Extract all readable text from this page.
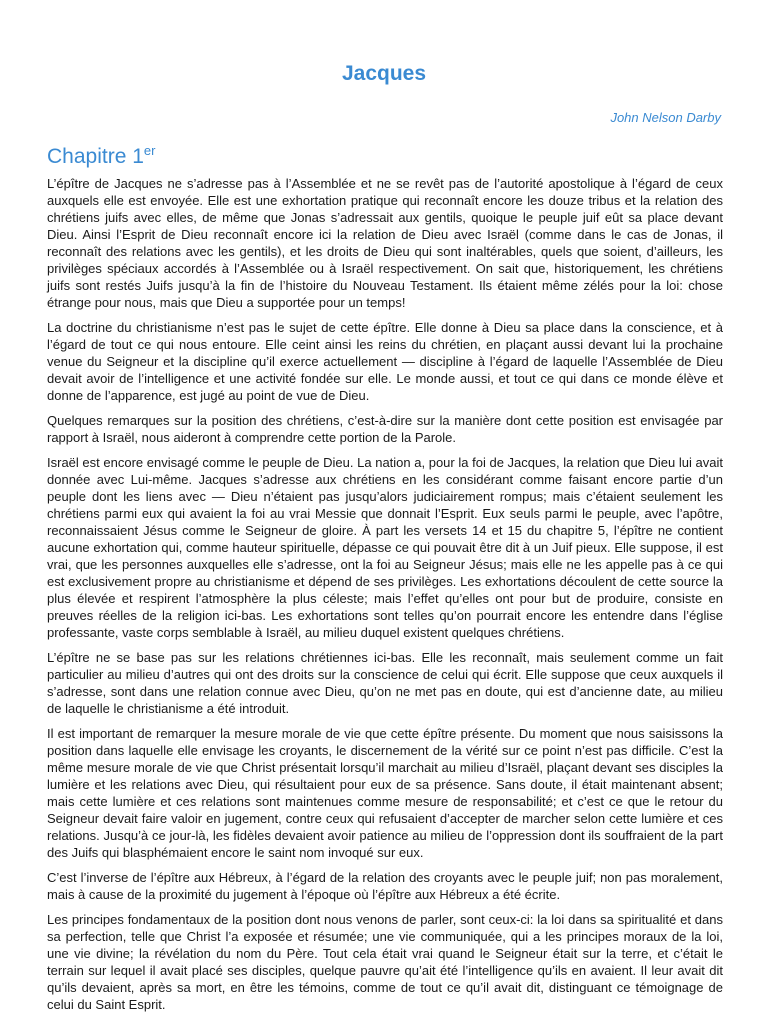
Jacques

John Nelson Darby

Chapitre 1er

L’épître de Jacques ne s’adresse pas à l’Assemblée et ne se revêt pas de l’autorité apostolique à l’égard de ceux auxquels elle est envoyée. Elle est une exhortation pratique qui reconnaît encore les douze tribus et la relation des chrétiens juifs avec elles, de même que Jonas s’adressait aux gentils, quoique le peuple juif eût sa place devant Dieu. Ainsi l’Esprit de Dieu reconnaît encore ici la relation de Dieu avec Israël (comme dans le cas de Jonas, il reconnaît des relations avec les gentils), et les droits de Dieu qui sont inaltérables, quels que soient, d’ailleurs, les privilèges spéciaux accordés à l’Assemblée ou à Israël respectivement. On sait que, historiquement, les chrétiens juifs sont restés Juifs jusqu’à la fin de l’histoire du Nouveau Testament. Ils étaient même zélés pour la loi: chose étrange pour nous, mais que Dieu a supportée pour un temps!

La doctrine du christianisme n’est pas le sujet de cette épître. Elle donne à Dieu sa place dans la conscience, et à l’égard de tout ce qui nous entoure. Elle ceint ainsi les reins du chrétien, en plaçant aussi devant lui la prochaine venue du Seigneur et la discipline qu’il exerce actuellement — discipline à l’égard de laquelle l’Assemblée de Dieu devait avoir de l’intelligence et une activité fondée sur elle. Le monde aussi, et tout ce qui dans ce monde élève et donne de l’apparence, est jugé au point de vue de Dieu.

Quelques remarques sur la position des chrétiens, c’est-à-dire sur la manière dont cette position est envisagée par rapport à Israël, nous aideront à comprendre cette portion de la Parole.

Israël est encore envisagé comme le peuple de Dieu. La nation a, pour la foi de Jacques, la relation que Dieu lui avait donnée avec Lui-même. Jacques s’adresse aux chrétiens en les considérant comme faisant encore partie d’un peuple dont les liens avec — Dieu n’étaient pas jusqu’alors judiciairement rompus; mais c’étaient seulement les chrétiens parmi eux qui avaient la foi au vrai Messie que donnait l’Esprit. Eux seuls parmi le peuple, avec l’apôtre, reconnaissaient Jésus comme le Seigneur de gloire. À part les versets 14 et 15 du chapitre 5, l’épître ne contient aucune exhortation qui, comme hauteur spirituelle, dépasse ce qui pouvait être dit à un Juif pieux. Elle suppose, il est vrai, que les personnes auxquelles elle s’adresse, ont la foi au Seigneur Jésus; mais elle ne les appelle pas à ce qui est exclusivement propre au christianisme et dépend de ses privilèges. Les exhortations découlent de cette source la plus élevée et respirent l’atmosphère la plus céleste; mais l’effet qu’elles ont pour but de produire, consiste en preuves réelles de la religion ici-bas. Les exhortations sont telles qu’on pourrait encore les entendre dans l’église professante, vaste corps semblable à Israël, au milieu duquel existent quelques chrétiens.

L’épître ne se base pas sur les relations chrétiennes ici-bas. Elle les reconnaît, mais seulement comme un fait particulier au milieu d’autres qui ont des droits sur la conscience de celui qui écrit. Elle suppose que ceux auxquels il s’adresse, sont dans une relation connue avec Dieu, qu’on ne met pas en doute, qui est d’ancienne date, au milieu de laquelle le christianisme a été introduit.

Il est important de remarquer la mesure morale de vie que cette épître présente. Du moment que nous saisissons la position dans laquelle elle envisage les croyants, le discernement de la vérité sur ce point n’est pas difficile. C’est la même mesure morale de vie que Christ présentait lorsqu’il marchait au milieu d’Israël, plaçant devant ses disciples la lumière et les relations avec Dieu, qui résultaient pour eux de sa présence. Sans doute, il était maintenant absent; mais cette lumière et ces relations sont maintenues comme mesure de responsabilité; et c’est ce que le retour du Seigneur devait faire valoir en jugement, contre ceux qui refusaient d’accepter de marcher selon cette lumière et ces relations. Jusqu’à ce jour-là, les fidèles devaient avoir patience au milieu de l’oppression dont ils souffraient de la part des Juifs qui blasphémaient encore le saint nom invoqué sur eux.

C’est l’inverse de l’épître aux Hébreux, à l’égard de la relation des croyants avec le peuple juif; non pas moralement, mais à cause de la proximité du jugement à l’époque où l’épître aux Hébreux a été écrite.

Les principes fondamentaux de la position dont nous venons de parler, sont ceux-ci: la loi dans sa spiritualité et dans sa perfection, telle que Christ l’a exposée et résumée; une vie communiquée, qui a les principes moraux de la loi, une vie divine; la révélation du nom du Père. Tout cela était vrai quand le Seigneur était sur la terre, et c’était le terrain sur lequel il avait placé ses disciples, quelque pauvre qu’ait été l’intelligence qu’ils en avaient. Il leur avait dit qu’ils devaient, après sa mort, en être les témoins, comme de tout ce qu’il avait dit, distinguant ce témoignage de celui du Saint Esprit.
